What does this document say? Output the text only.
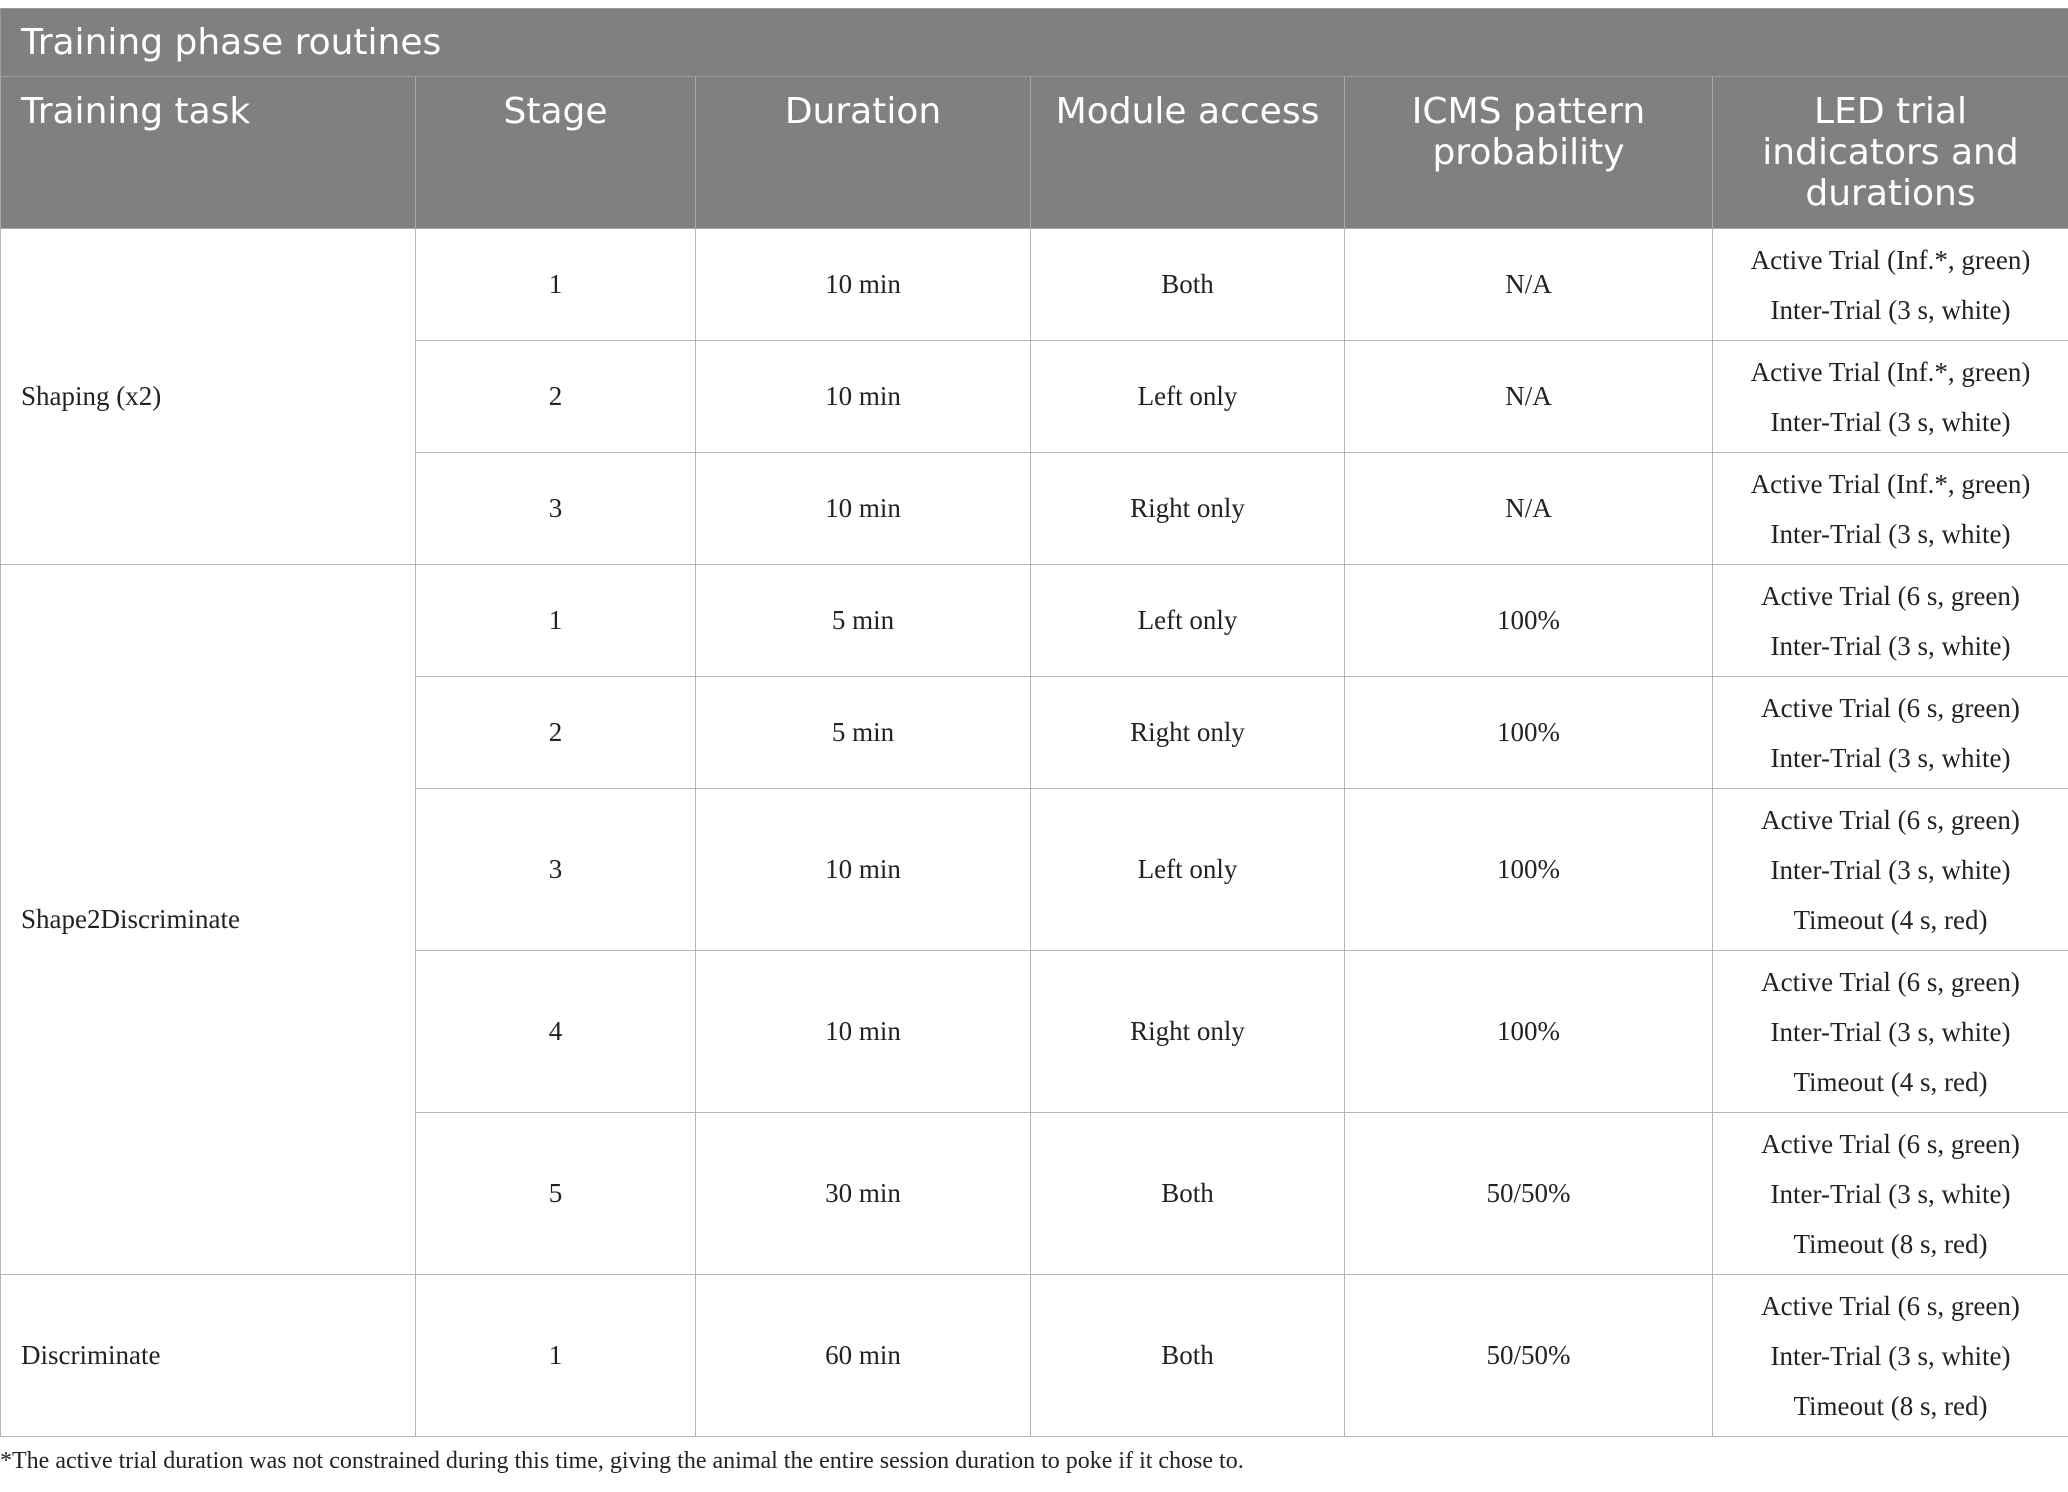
Training phase routines					
Training task	Stage	Duration	Module access	ICMS pattern probability	LED trial indicators and durations
Shaping (x2)	1	10 min	Both	N/A	Active Trial (Inf.*, green)
Inter-Trial (3 s, white)

	2	10 min	Left only	N/A	Active Trial (Inf.*, green)
Inter-Trial (3 s, white)

	3	10 min	Right only	N/A	Active Trial (Inf.*, green)
Inter-Trial (3 s, white)

Shape2Discriminate	1	5 min	Left only	100%	Active Trial (6 s, green)
Inter-Trial (3 s, white)

	2	5 min	Right only	100%	Active Trial (6 s, green)
Inter-Trial (3 s, white)

	3	10 min	Left only	100%	Active Trial (6 s, green)
Inter-Trial (3 s, white)
Timeout (4 s, red)

	4	10 min	Right only	100%	Active Trial (6 s, green)
Inter-Trial (3 s, white)
Timeout (4 s, red)

	5	30 min	Both	50/50%	Active Trial (6 s, green)
Inter-Trial (3 s, white)
Timeout (8 s, red)

Discriminate	1	60 min	Both	50/50%	Active Trial (6 s, green)
Inter-Trial (3 s, white)
Timeout (8 s, red)
*The active trial duration was not constrained during this time, giving the animal the entire session duration to poke if it chose to.
